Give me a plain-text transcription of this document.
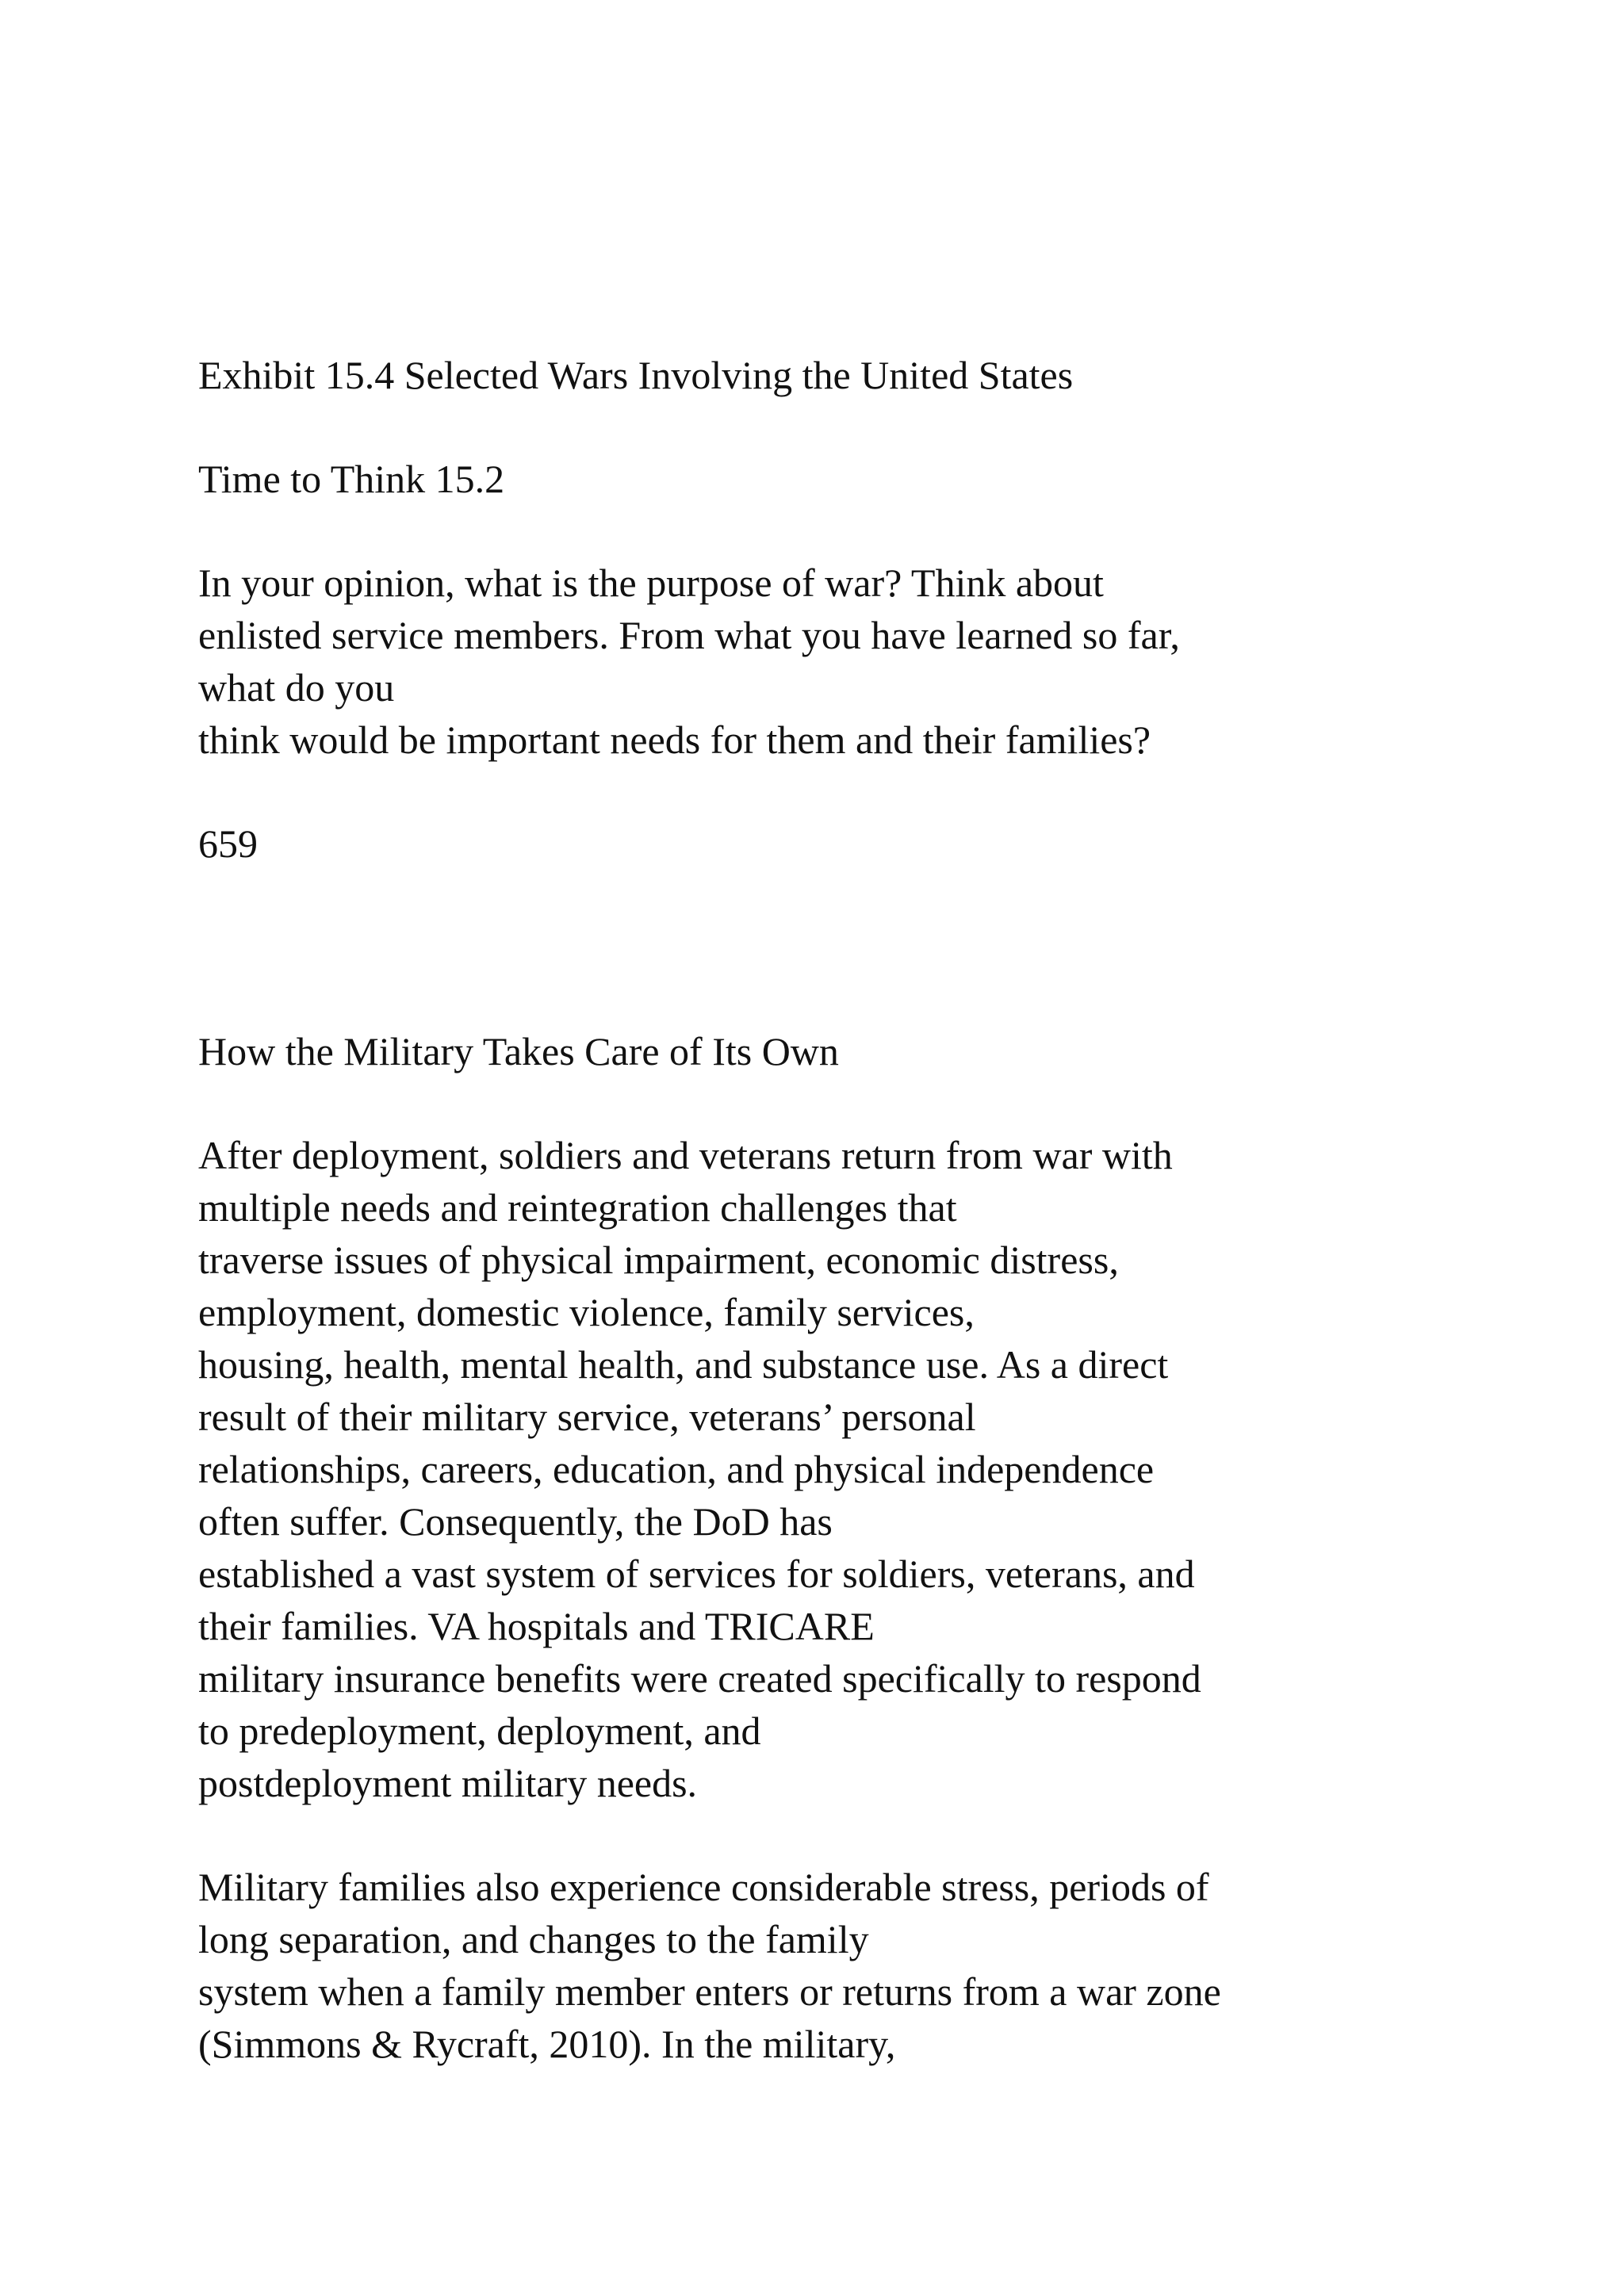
Exhibit 15.4 Selected Wars Involving the United States

Time to Think 15.2

In your opinion, what is the purpose of war? Think about
enlisted service members. From what you have learned so far,
what do you
think would be important needs for them and their families?

659

How the Military Takes Care of Its Own

After deployment, soldiers and veterans return from war with
multiple needs and reintegration challenges that
traverse issues of physical impairment, economic distress,
employment, domestic violence, family services,
housing, health, mental health, and substance use. As a direct
result of their military service, veterans’ personal
relationships, careers, education, and physical independence
often suffer. Consequently, the DoD has
established a vast system of services for soldiers, veterans, and
their families. VA hospitals and TRICARE
military insurance benefits were created specifically to respond
to predeployment, deployment, and
postdeployment military needs.

Military families also experience considerable stress, periods of
long separation, and changes to the family
system when a family member enters or returns from a war zone
(Simmons & Rycraft, 2010). In the military,
